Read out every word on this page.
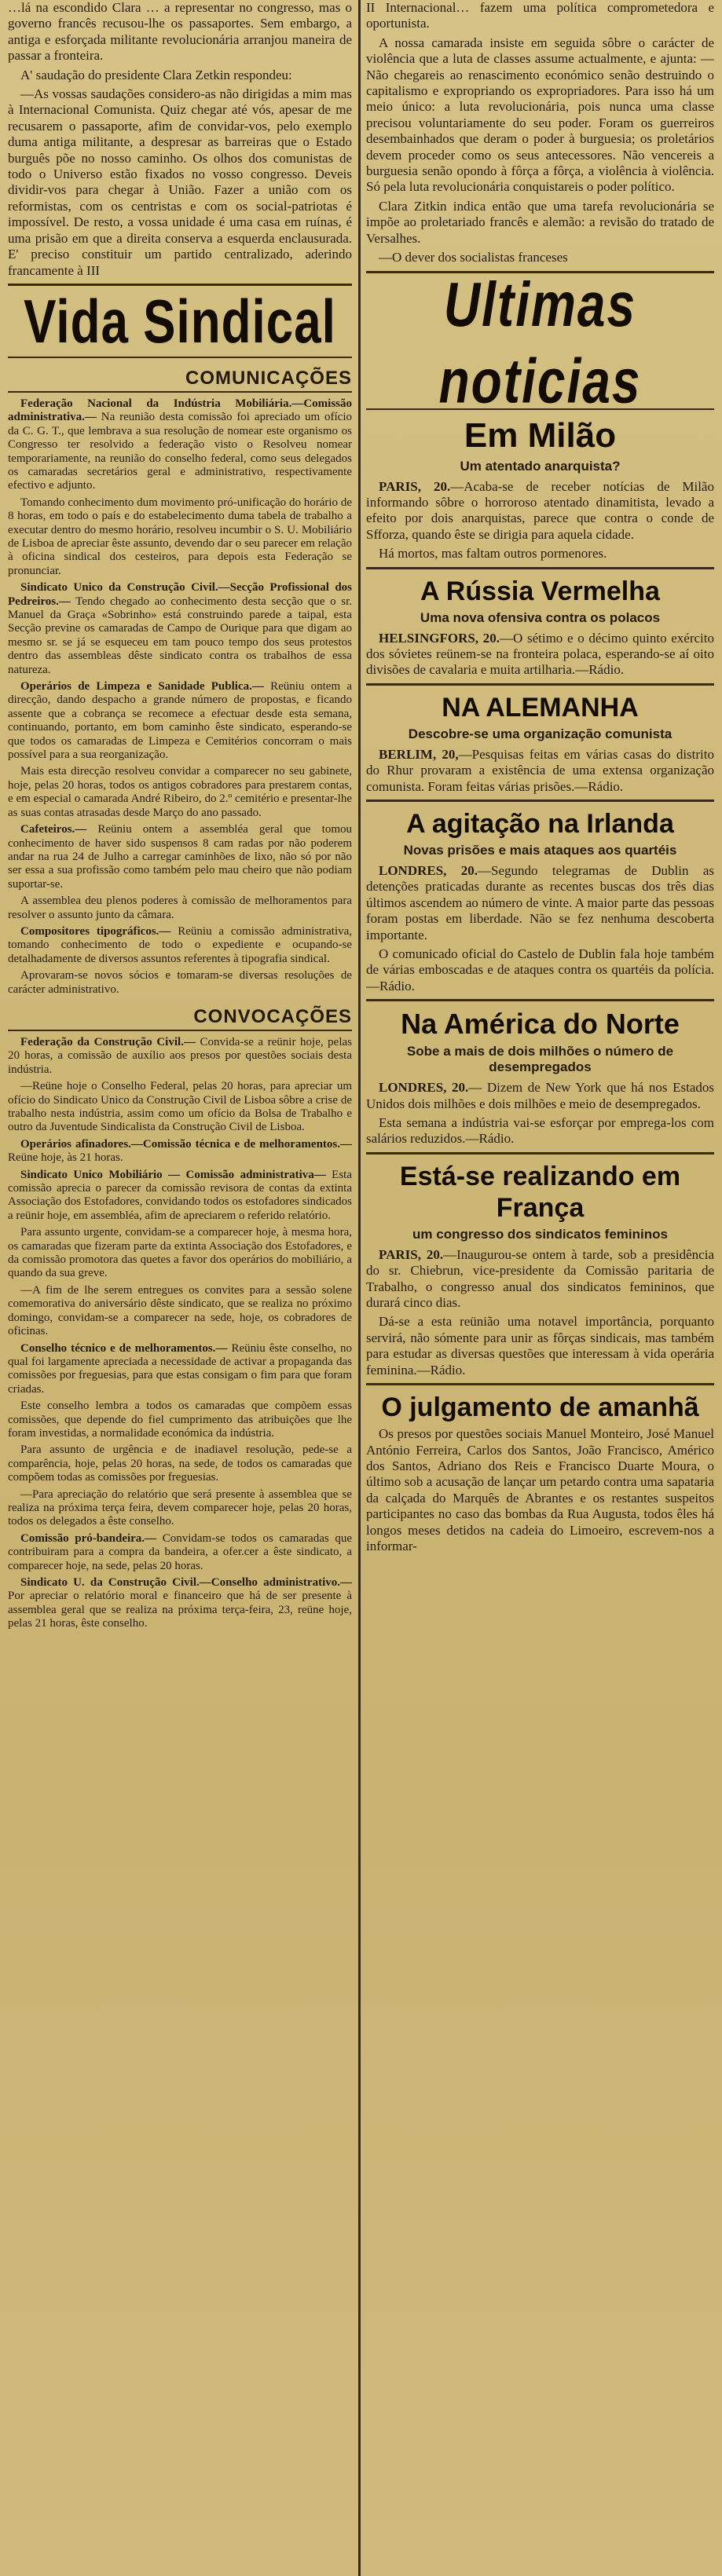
…lá na escondido Clara … a representar no congresso, mas o governo francês recusou-lhe os passaportes. Sem embargo, a antiga e esforçada militante revolucionária arranjou maneira de passar a fronteira.

A' saudação do presidente Clara Zetkin respondeu:

—As vossas saudações considero-as não dirigidas a mim mas à Internacional Comunista. Quiz chegar até vós, apesar de me recusarem o passaporte, afim de convidar-vos, pelo exemplo duma antiga militante, a despresar as barreiras que o Estado burguês põe no nosso caminho. Os olhos dos comunistas de todo o Universo estão fixados no vosso congresso. Deveis dividir-vos para chegar à União. Fazer a união com os reformistas, com os centristas e com os social-patriotas é impossível. De resto, a vossa unidade é uma casa em ruínas, é uma prisão em que a direita conserva a esquerda enclausurada. E' preciso constituir um partido centralizado, aderindo francamente à III

Vida Sindical
COMUNICAÇÕES

Federação Nacional da Indústria Mobiliária.—Comissão administrativa.— Na reunião desta comissão foi apreciado um ofício da C. G. T., que lembrava a sua resolução de nomear este organismo os Congresso ter resolvido a federação visto o Resolveu nomear temporariamente, na reunião do conselho federal, como seus delegados os camaradas secretários geral e administrativo, respectivamente efectivo e adjunto.

Tomando conhecimento dum movimento pró-unificação do horário de 8 horas, em todo o país e do estabelecimento duma tabela de trabalho a executar dentro do mesmo horário, resolveu incumbir o S. U. Mobiliário de Lisboa de apreciar êste assunto, devendo dar o seu parecer em relação à oficina sindical dos cesteiros, para depois esta Federação se pronunciar.

Sindicato Unico da Construção Civil.—Secção Profissional dos Pedreiros.— Tendo chegado ao conhecimento desta secção que o sr. Manuel da Graça «Sobrinho» está construindo parede a taipal, esta Secção previne os camaradas de Campo de Ourique para que digam ao mesmo sr. se já se esqueceu em tam pouco tempo dos seus protestos dentro das assembleas dêste sindicato contra os trabalhos de essa natureza.

Operários de Limpeza e Sanidade Publica.— Reüniu ontem a direcção, dando despacho a grande número de propostas, e ficando assente que a cobrança se recomece a efectuar desde esta semana, continuando, portanto, em bom caminho êste sindicato, esperando-se que todos os camaradas de Limpeza e Cemitérios concorram o mais possível para a sua reorganização.

Mais esta direcção resolveu convidar a comparecer no seu gabinete, hoje, pelas 20 horas, todos os antigos cobradores para prestarem contas, e em especial o camarada André Ribeiro, do 2.º cemitério e presentar-lhe as suas contas atrasadas desde Março do ano passado.

Cafeteiros.— Reüniu ontem a assembléa geral que tomou conhecimento de haver sido suspensos 8 cam radas por não poderem andar na rua 24 de Julho a carregar caminhões de lixo, não só por não ser essa a sua profissão como também pelo mau cheiro que não podiam suportar-se.

A assemblea deu plenos poderes à comissão de melhoramentos para resolver o assunto junto da câmara.

Compositores tipográficos.— Reüniu a comissão administrativa, tomando conhecimento de todo o expediente e ocupando-se detalhadamente de diversos assuntos referentes à tipografia sindical.

Aprovaram-se novos sócios e tomaram-se diversas resoluções de carácter administrativo.

CONVOCAÇÕES

Federação da Construção Civil.— Convida-se a reünir hoje, pelas 20 horas, a comissão de auxílio aos presos por questões sociais desta indústria.

—Reüne hoje o Conselho Federal, pelas 20 horas, para apreciar um ofício do Sindicato Unico da Construção Civil de Lisboa sôbre a crise de trabalho nesta indústria, assim como um ofício da Bolsa de Trabalho e outro da Juventude Sindicalista da Construção Civil de Lisboa.

Operários afinadores.—Comissão técnica e de melhoramentos.— Reüne hoje, às 21 horas.

Sindicato Unico Mobiliário — Comissão administrativa— Esta comissão aprecia o parecer da comissão revisora de contas da extinta Associação dos Estofadores, convidando todos os estofadores sindicados a reünir hoje, em assembléa, afim de apreciarem o referido relatório.

Para assunto urgente, convidam-se a comparecer hoje, à mesma hora, os camaradas que fizeram parte da extinta Associação dos Estofadores, e da comissão promotora das quetes a favor dos operários do mobiliário, a quando da sua greve.

—A fim de lhe serem entregues os convites para a sessão solene comemorativa do aniversário dêste sindicato, que se realiza no próximo domingo, convidam-se a comparecer na sede, hoje, os cobradores de oficinas.

Conselho técnico e de melhoramentos.— Reüniu êste conselho, no qual foi largamente apreciada a necessidade de activar a propaganda das comissões por freguesias, para que estas consigam o fim para que foram criadas.

Este conselho lembra a todos os camaradas que compõem essas comissões, que depende do fiel cumprimento das atribuições que lhe foram investidas, a normalidade económica da indústria.

Para assunto de urgência e de inadiavel resolução, pede-se a comparência, hoje, pelas 20 horas, na sede, de todos os camaradas que compõem todas as comissões por freguesias.

—Para apreciação do relatório que será presente à assemblea que se realiza na próxima terça feira, devem comparecer hoje, pelas 20 horas, todos os delegados a êste conselho.

Comissão pró-bandeira.— Convidam-se todos os camaradas que contribuiram para a compra da bandeira, a ofer.cer a êste sindicato, a comparecer hoje, na sede, pelas 20 horas.

Sindicato U. da Construção Civil.—Conselho administrativo.— Por apreciar o relatório moral e financeiro que há de ser presente à assemblea geral que se realiza na próxima terça-feira, 23, reüne hoje, pelas 21 horas, êste conselho.

II Internacional… fazem uma política comprometedora e oportunista.

A nossa camarada insiste em seguida sôbre o carácter de violência que a luta de classes assume actualmente, e ajunta: —Não chegareis ao renascimento económico senão destruindo o capitalismo e expropriando os expropriadores. Para isso há um meio único: a luta revolucionária, pois nunca uma classe precisou voluntariamente do seu poder. Foram os guerreiros desembainhados que deram o poder à burguesia; os proletários devem proceder como os seus antecessores. Não vencereis a burguesia senão opondo à fôrça a fôrça, a violência à violência. Só pela luta revolucionária conquistareis o poder político.

Clara Zitkin indica então que uma tarefa revolucionária se impõe ao proletariado francês e alemão: a revisão do tratado de Versalhes.

—O dever dos socialistas franceses

Ultimas noticias
Em Milão
Um atentado anarquista?

PARIS, 20.—Acaba-se de receber notícias de Milão informando sôbre o horroroso atentado dinamitista, levado a efeito por dois anarquistas, parece que contra o conde de Sfforza, quando êste se dirigia para aquela cidade.

Há mortos, mas faltam outros pormenores.

A Rússia Vermelha
Uma nova ofensiva contra os polacos

HELSINGFORS, 20.—O sétimo e o décimo quinto exército dos sóvietes reünem-se na fronteira polaca, esperando-se aí oito divisões de cavalaria e muita artilharia.—Rádio.

NA ALEMANHA
Descobre-se uma organização comunista

BERLIM, 20,—Pesquisas feitas em várias casas do distrito do Rhur provaram a existência de uma extensa organização comunista. Foram feitas várias prisões.—Rádio.

A agitação na Irlanda
Novas prisões e mais ataques aos quartéis

LONDRES, 20.—Segundo telegramas de Dublin as detenções praticadas durante as recentes buscas dos três dias últimos ascendem ao número de vinte. A maior parte das pessoas foram postas em liberdade. Não se fez nenhuma descoberta importante.

O comunicado oficial do Castelo de Dublin fala hoje também de várias emboscadas e de ataques contra os quartéis da polícia.—Rádio.

Na América do Norte
Sobe a mais de dois milhões o número de desempregados

LONDRES, 20.— Dizem de New York que há nos Estados Unidos dois milhões e dois milhões e meio de desempregados.

Esta semana a indústria vai-se esforçar por emprega-los com salários reduzidos.—Rádio.

Está-se realizando em França
um congresso dos sindicatos femininos

PARIS, 20.—Inaugurou-se ontem à tarde, sob a presidência do sr. Chiebrun, vice-presidente da Comissão paritaria de Trabalho, o congresso anual dos sindicatos femininos, que durará cinco dias.

Dá-se a esta reünião uma notavel importância, porquanto servirá, não sómente para unir as fôrças sindicais, mas também para estudar as diversas questões que interessam à vida operária feminina.—Rádio.

O julgamento de amanhã

Os presos por questões sociais Manuel Monteiro, José Manuel António Ferreira, Carlos dos Santos, João Francisco, Américo dos Santos, Adriano dos Reis e Francisco Duarte Moura, o último sob a acusação de lançar um petardo contra uma sapataria da calçada do Marquês de Abrantes e os restantes suspeitos participantes no caso das bombas da Rua Augusta, todos êles há longos meses detidos na cadeia do Limoeiro, escrevem-nos a informar-
